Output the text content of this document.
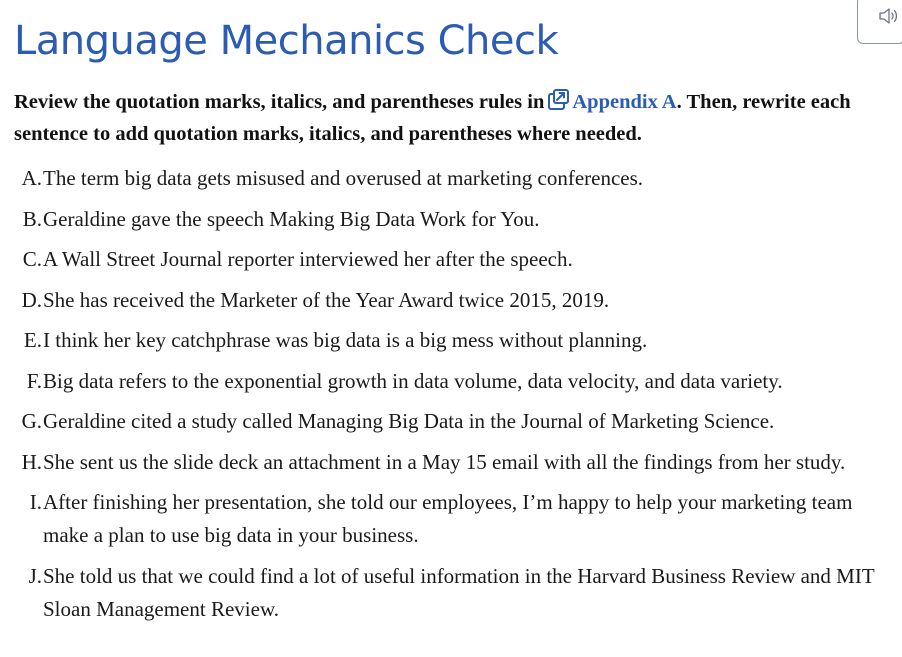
Language Mechanics Check

Review the quotation marks, italics, and parentheses rules in Appendix A. Then, rewrite each sentence to add quotation marks, italics, and parentheses where needed.

A. The term big data gets misused and overused at marketing conferences.
B. Geraldine gave the speech Making Big Data Work for You.
C. A Wall Street Journal reporter interviewed her after the speech.
D. She has received the Marketer of the Year Award twice 2015, 2019.
E. I think her key catchphrase was big data is a big mess without planning.
F. Big data refers to the exponential growth in data volume, data velocity, and data variety.
G. Geraldine cited a study called Managing Big Data in the Journal of Marketing Science.
H. She sent us the slide deck an attachment in a May 15 email with all the findings from her study.
I. After finishing her presentation, she told our employees, I’m happy to help your marketing team make a plan to use big data in your business.
J. She told us that we could find a lot of useful information in the Harvard Business Review and MIT Sloan Management Review.
